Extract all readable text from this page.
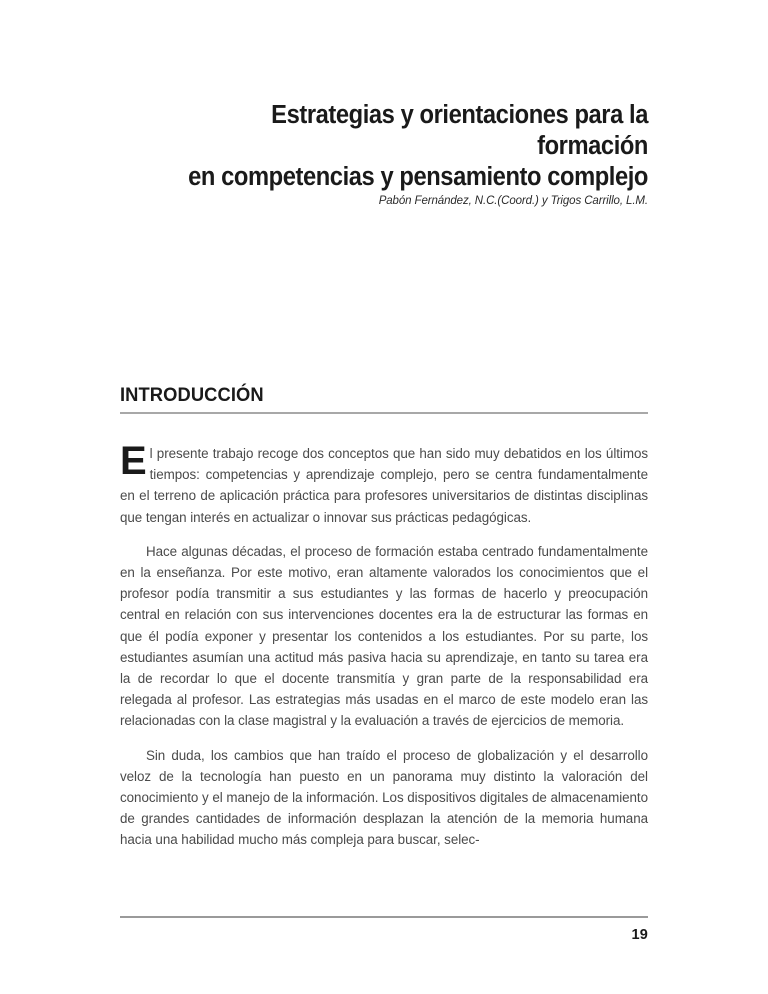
Estrategias y orientaciones para la formación
en competencias y pensamiento complejo

Pabón Fernández, N.C.(Coord.) y Trigos Carrillo, L.M.

INTRODUCCIÓN

El presente trabajo recoge dos conceptos que han sido muy debatidos en los últimos tiempos: competencias y aprendizaje complejo, pero se centra fundamentalmente en el terreno de aplicación práctica para profesores universitarios de distintas disciplinas que tengan interés en actualizar o innovar sus prácticas pedagógicas.

Hace algunas décadas, el proceso de formación estaba centrado fundamentalmente en la enseñanza. Por este motivo, eran altamente valorados los conocimientos que el profesor podía transmitir a sus estudiantes y las formas de hacerlo y preocupación central en relación con sus intervenciones docentes era la de estructurar las formas en que él podía exponer y presentar los contenidos a los estudiantes. Por su parte, los estudiantes asumían una actitud más pasiva hacia su aprendizaje, en tanto su tarea era la de recordar lo que el docente transmitía y gran parte de la responsabilidad era relegada al profesor. Las estrategias más usadas en el marco de este modelo eran las relacionadas con la clase magistral y la evaluación a través de ejercicios de memoria.

Sin duda, los cambios que han traído el proceso de globalización y el desarrollo veloz de la tecnología han puesto en un panorama muy distinto la valoración del conocimiento y el manejo de la información. Los dispositivos digitales de almacenamiento de grandes cantidades de información desplazan la atención de la memoria humana hacia una habilidad mucho más compleja para buscar, selec-

19
